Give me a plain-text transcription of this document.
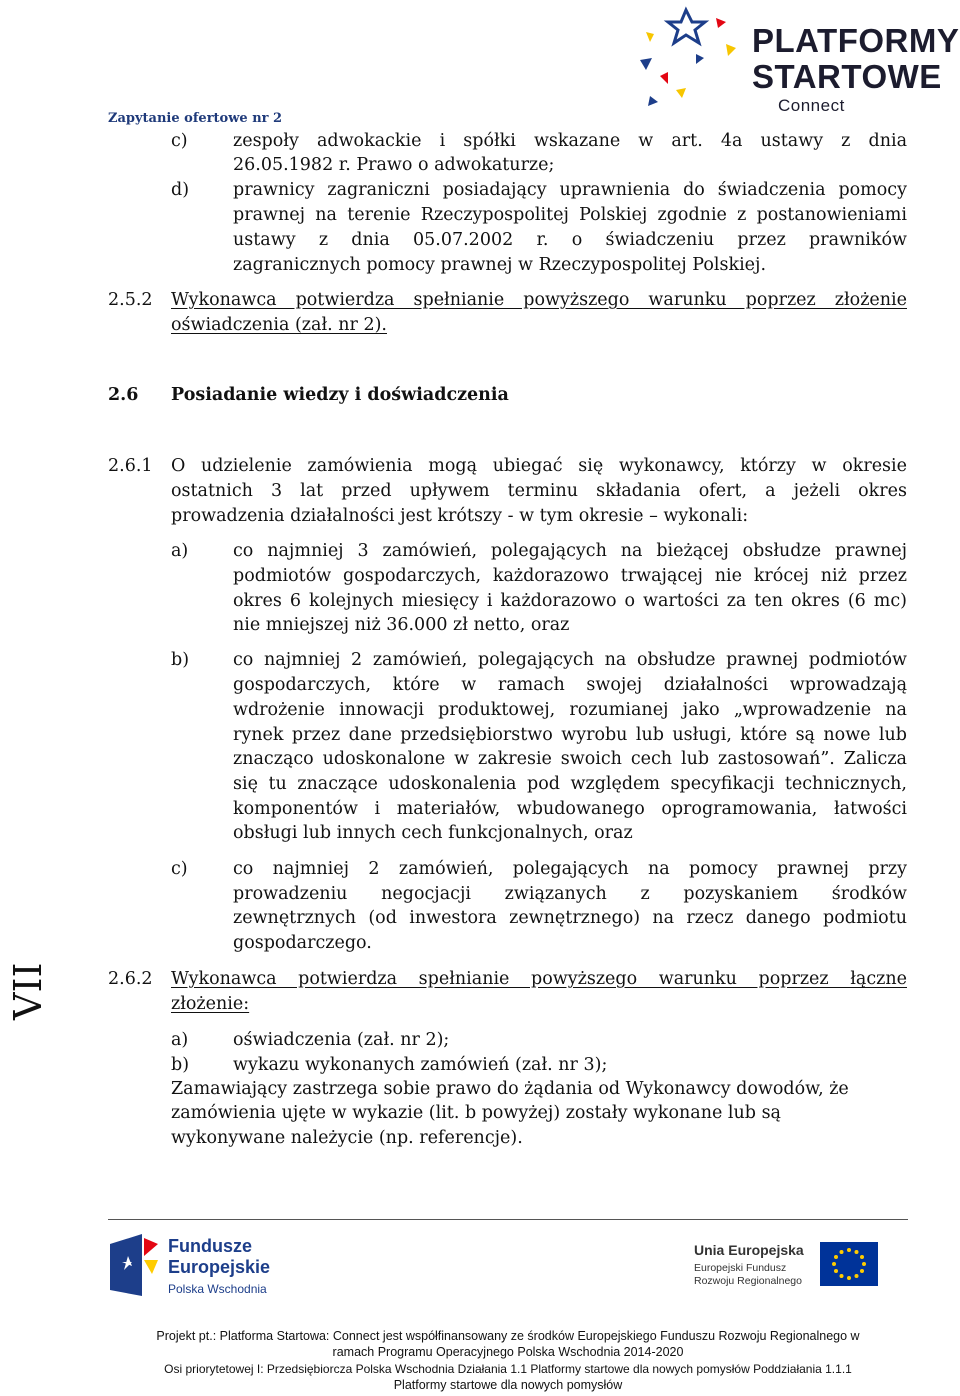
PLATFORMY
STARTOWE
Connect
Zapytanie ofertowe nr 2
c)	zespoły adwokackie i spółki wskazane w art. 4a ustawy z dnia
26.05.1982 r. Prawo o adwokaturze;
d)	prawnicy zagraniczni posiadający uprawnienia do świadczenia pomocy
prawnej na terenie Rzeczypospolitej Polskiej zgodnie z postanowieniami
ustawy z dnia 05.07.2002 r. o świadczeniu przez prawników
zagranicznych pomocy prawnej w Rzeczypospolitej Polskiej.
2.5.2 Wykonawca potwierdza spełnianie powyższego warunku poprzez złożenie
oświadczenia (zał. nr 2).
2.6 Posiadanie wiedzy i doświadczenia
2.6.1 O udzielenie zamówienia mogą ubiegać się wykonawcy, którzy w okresie
ostatnich 3 lat przed upływem terminu składania ofert, a jeżeli okres
prowadzenia działalności jest krótszy - w tym okresie – wykonali:
a)	co najmniej 3 zamówień, polegających na bieżącej obsłudze prawnej
podmiotów gospodarczych, każdorazowo trwającej nie krócej niż przez
okres 6 kolejnych miesięcy i każdorazowo o wartości za ten okres (6 mc)
nie mniejszej niż 36.000 zł netto, oraz
b)	co najmniej 2 zamówień, polegających na obsłudze prawnej podmiotów
gospodarczych, które w ramach swojej działalności wprowadzają
wdrożenie innowacji produktowej, rozumianej jako „wprowadzenie na
rynek przez dane przedsiębiorstwo wyrobu lub usługi, które są nowe lub
znacząco udoskonalone w zakresie swoich cech lub zastosowań”. Zalicza
się tu znaczące udoskonalenia pod względem specyfikacji technicznych,
komponentów i materiałów, wbudowanego oprogramowania, łatwości
obsługi lub innych cech funkcjonalnych, oraz
c)	co najmniej 2 zamówień, polegających na pomocy prawnej przy
prowadzeniu negocjacji związanych z pozyskaniem środków
zewnętrznych (od inwestora zewnętrznego) na rzecz danego podmiotu
gospodarczego.
2.6.2 Wykonawca potwierdza spełnianie powyższego warunku poprzez łączne
złożenie:
a)	oświadczenia (zał. nr 2);
b)	wykazu wykonanych zamówień (zał. nr 3);
Zamawiający zastrzega sobie prawo do żądania od Wykonawcy dowodów, że
zamówienia ujęte w wykazie (lit. b powyżej) zostały wykonane lub są
wykonywane należycie (np. referencje).
VII
Fundusze
Europejskie
Polska Wschodnia
Unia Europejska
Europejski Fundusz
Rozwoju Regionalnego
Projekt pt.: Platforma Startowa: Connect jest współfinansowany ze środków Europejskiego Funduszu Rozwoju Regionalnego w
ramach Programu Operacyjnego Polska Wschodnia 2014-2020
Osi priorytetowej I: Przedsiębiorcza Polska Wschodnia Działania 1.1 Platformy startowe dla nowych pomysłów Poddziałania 1.1.1
Platformy startowe dla nowych pomysłów
